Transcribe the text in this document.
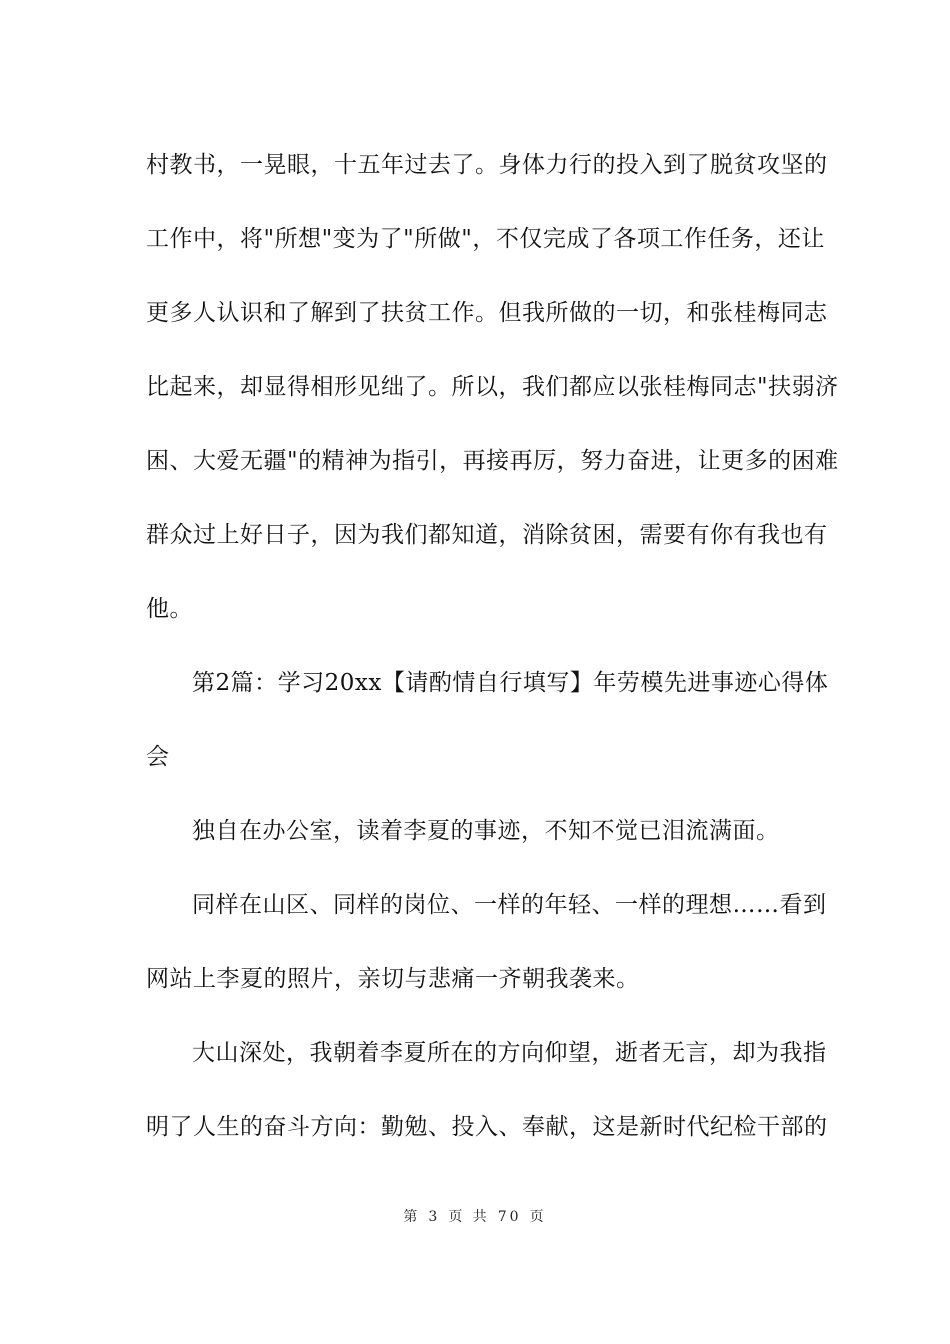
村教书，一晃眼，十五年过去了。身体力行的投入到了脱贫攻坚的
工作中，将"所想"变为了"所做"，不仅完成了各项工作任务，还让
更多人认识和了解到了扶贫工作。但我所做的一切，和张桂梅同志
比起来，却显得相形见绌了。所以，我们都应以张桂梅同志"扶弱济
困、大爱无疆"的精神为指引，再接再厉，努力奋进，让更多的困难
群众过上好日子，因为我们都知道，消除贫困，需要有你有我也有
他。
第2篇：学习20xx【请酌情自行填写】年劳模先进事迹心得体
会
独自在办公室，读着李夏的事迹，不知不觉已泪流满面。
同样在山区、同样的岗位、一样的年轻、一样的理想……看到
网站上李夏的照片，亲切与悲痛一齐朝我袭来。
大山深处，我朝着李夏所在的方向仰望，逝者无言，却为我指
明了人生的奋斗方向：勤勉、投入、奉献，这是新时代纪检干部的
第 3 页 共 70 页
